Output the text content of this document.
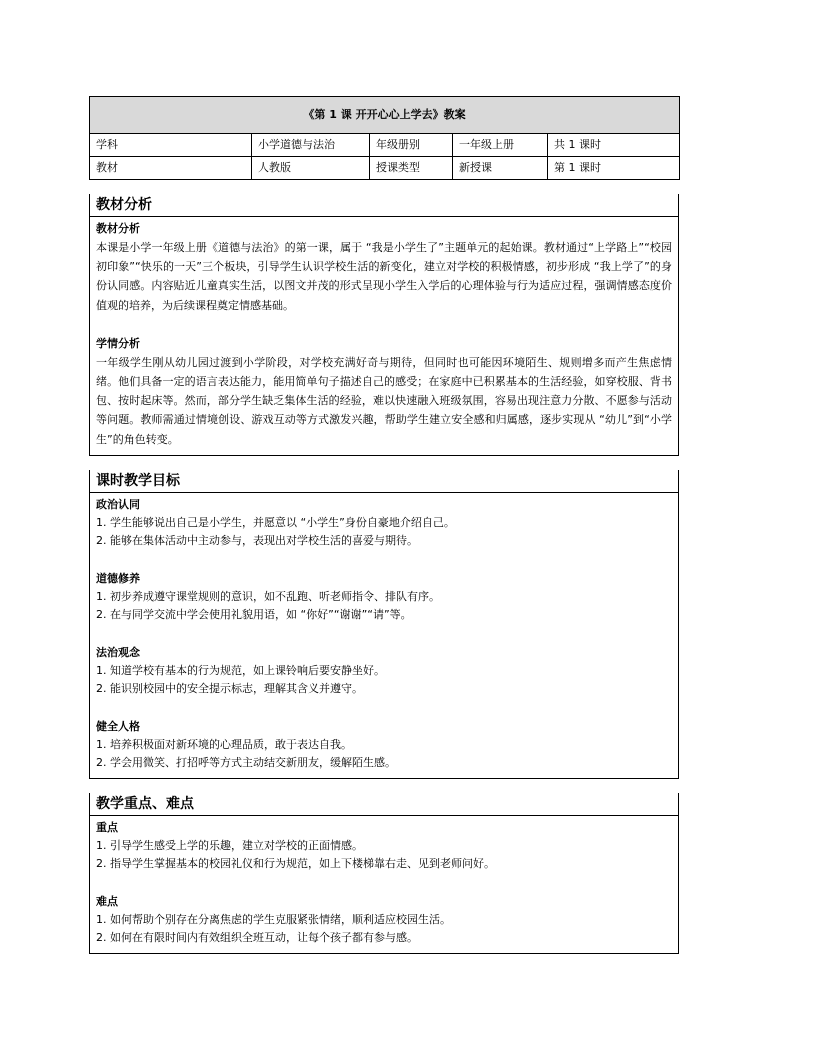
《第 1 课 开开心心上学去》教案				
学科	小学道德与法治	年级册别	一年级上册	共 1 课时
教材	人教版	授课类型	新授课	第 1 课时
教材分析
教材分析
本课是小学一年级上册《道德与法治》的第一课，属于 “我是小学生了”主题单元的起始课。教材通过“上学路上”“校园初印象”“快乐的一天”三个板块，引导学生认识学校生活的新变化，建立对学校的积极情感，初步形成 “我上学了”的身份认同感。内容贴近儿童真实生活，以图文并茂的形式呈现小学生入学后的心理体验与行为适应过程，强调情感态度价值观的培养，为后续课程奠定情感基础。
学情分析
一年级学生刚从幼儿园过渡到小学阶段，对学校充满好奇与期待，但同时也可能因环境陌生、规则增多而产生焦虑情绪。他们具备一定的语言表达能力，能用简单句子描述自己的感受；在家庭中已积累基本的生活经验，如穿校服、背书包、按时起床等。然而，部分学生缺乏集体生活的经验，难以快速融入班级氛围，容易出现注意力分散、不愿参与活动等问题。教师需通过情境创设、游戏互动等方式激发兴趣，帮助学生建立安全感和归属感，逐步实现从 “幼儿”到“小学生”的角色转变。
课时教学目标
政治认同
1. 学生能够说出自己是小学生，并愿意以 “小学生”身份自豪地介绍自己。
2. 能够在集体活动中主动参与，表现出对学校生活的喜爱与期待。
道德修养
1. 初步养成遵守课堂规则的意识，如不乱跑、听老师指令、排队有序。
2. 在与同学交流中学会使用礼貌用语，如 “你好”“谢谢”“请”等。
法治观念
1. 知道学校有基本的行为规范，如上课铃响后要安静坐好。
2. 能识别校园中的安全提示标志，理解其含义并遵守。
健全人格
1. 培养积极面对新环境的心理品质，敢于表达自我。
2. 学会用微笑、打招呼等方式主动结交新朋友，缓解陌生感。
教学重点、难点
重点
1. 引导学生感受上学的乐趣，建立对学校的正面情感。
2. 指导学生掌握基本的校园礼仪和行为规范，如上下楼梯靠右走、见到老师问好。
难点
1. 如何帮助个别存在分离焦虑的学生克服紧张情绪，顺利适应校园生活。
2. 如何在有限时间内有效组织全班互动，让每个孩子都有参与感。
